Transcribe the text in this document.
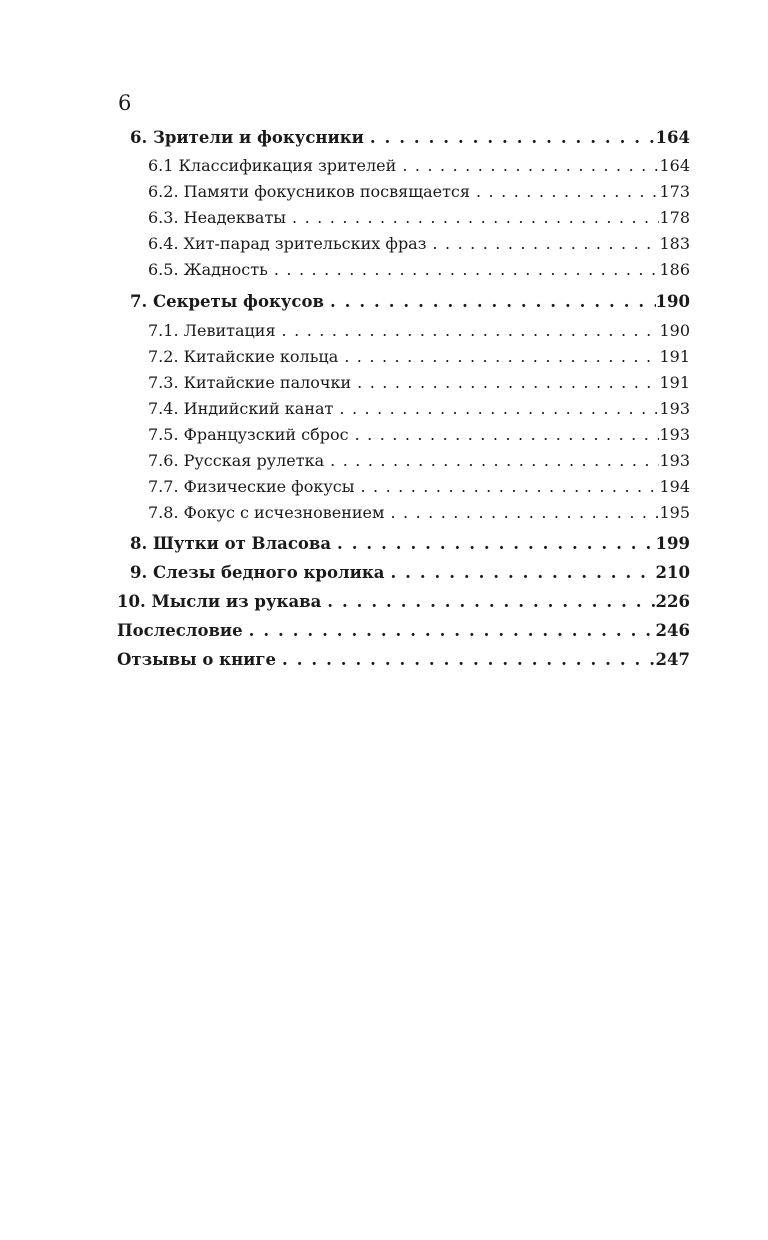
6
6. Зрители и фокусники . . .	164
6.1 Классификация зрителей . . .	164
6.2. Памяти фокусников посвящается . . .	173
6.3. Неадекваты . . .	178
6.4. Хит-парад зрительских фраз . . .	183
6.5. Жадность . . .	186
7. Секреты фокусов . . .	190
7.1. Левитация . . .	190
7.2. Китайские кольца . . .	191
7.3. Китайские палочки . . .	191
7.4. Индийский канат . . .	193
7.5. Французский сброс . . .	193
7.6. Русская рулетка . . .	193
7.7. Физические фокусы . . .	194
7.8. Фокус с исчезновением . . .	195
8. Шутки от Власова . . .	199
9. Слезы бедного кролика . . .	210
10. Мысли из рукава . . .	226
Послесловие . . .	246
Отзывы о книге . . .	247
